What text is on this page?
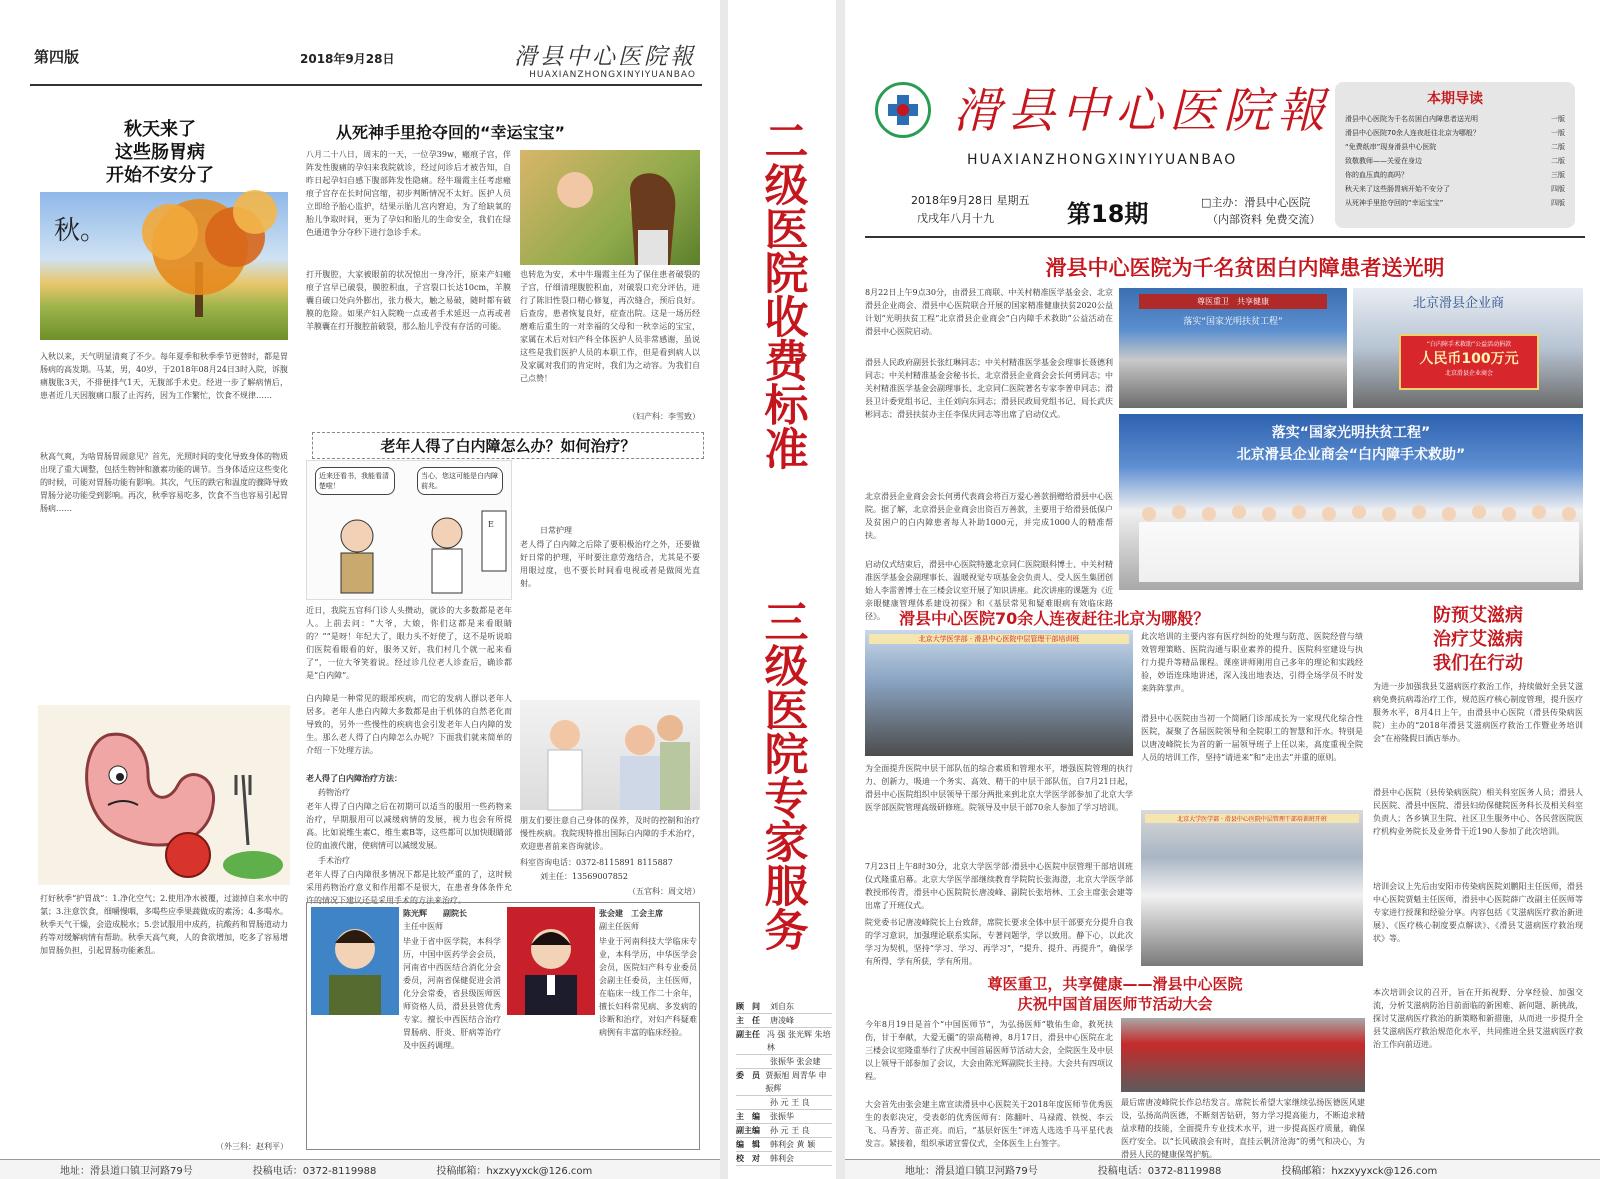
第四版	2018年9月28日	滑县中心医院報
HUAXIANZHONGXINYIYUANBAO
秋天来了
这些肠胃病
开始不安分了
秋。
入秋以来，天气明显清爽了不少。每年夏季和秋季季节更替时，都是胃肠病的高发期。马某，男，40岁，于2018年08月24日3时入院，诉腹痛腹胀3天，不排便排气1天，无腹部手术史。经进一步了解病情后，患者近几天因腹痛口服了止泻药，因为工作繁忙，饮食不规律……
秋高气爽，为啥胃肠胃闹意见？首先，光照时间的变化导致身体的物质出现了重大调整，包括生物钟和激素功能的调节。当身体适应这些变化的时候，可能对胃肠功能有影响。其次，气压的跌宕和温度的骤降导致胃肠分泌功能受到影响。再次，秋季容易吃多，饮食不当也容易引起胃肠病……
打好秋季“护胃战”：1.净化空气；2.使用净水被覆，过滤掉自来水中的氯；3.注意饮食，细嚼慢咽，多喝些应季果蔬做成的素汤；4.多喝水。秋季天气干燥，会造成脱水；5.尝试服用中成药，抗酸药和胃肠道动力药等对缓解病情有帮助。秋季天高气爽，人的食欲增加，吃多了容易增加胃肠负担，引起胃肠功能紊乱。
（外三科：赵利平）
从死神手里抢夺回的“幸运宝宝”
八月二十八日，周末的一天，一位孕39w，瘢痕子宫，伴阵发性腹痛的孕妇来我院就诊，经过问诊后才被告知，自昨日起孕妇自感下腹部阵发性隐痛。经牛瑞霞主任考虑瘢痕子宫存在长时间宫缩，初步判断情况不太好。医护人员立即给予胎心监护，结果示胎儿宫内窘迫，为了给缺氧的胎儿争取时间，更为了孕妇和胎儿的生命安全，我们在绿色通道争分夺秒下进行急诊手术。
打开腹腔，大家被眼前的状况惊出一身冷汗，原来产妇瘢痕子宫早已破裂，膜腔积血，子宫裂口长达10cm，羊膜囊自破口处向外膨出，张力极大，触之易破，随时都有破膜的危险。如果产妇入院晚一点或者手术延迟一点再或者羊膜囊在打开腹腔前破裂，那么胎儿乎没有存活的可能。
也转危为安，术中牛瑞霞主任为了保住患者破裂的子宫，仔细清理腹腔积血，对破裂口充分评估，进行了陈旧性裂口精心修复，再次缝合，预后良好。后查房，患者恢复良好，症查出院。这是一场历经磨难后重生的一对幸福的父母和一秋幸运的宝宝，家属在术后对妇产科全体医护人员非常感谢，虽说这些是我们医护人员的本职工作，但是看到病人以及家属对我们的肯定时，我们为之动容。为我们自己点赞！
（妇产科：李雪致）
老年人得了白内障怎么办？如何治疗？
近来还看书，我能看清楚啦！
当心，您这可能是白内障前兆。
E
近日，我院五官科门诊人头攒动，就诊的大多数都是老年人。上前去问：“大爷，大娘，你们这都是来看眼睛的？”“是呀！年纪大了，眼力头不好使了，这不是听说咱们医院看眼看的好，服务又好，我们村几个就一起来看了”，一位大爷笑着说。经过诊几位老人诊查后，确诊都是“白内障”。
白内障是一种常见的眼部疾病，而它的发病人群以老年人居多。老年人患白内障大多数都是由于机体的自然老化而导致的，另外一些慢性的疾病也会引发老年人白内障的发生。那么老人得了白内障怎么办呢？下面我们就来简单的介绍一下处理方法。
老人得了白内障治疗方法：
药物治疗
老年人得了白内障之后在初期可以适当的服用一些药物来治疗，早期服用可以减缓病情的发展，视力也会有所提高。比如说维生素C、维生素B等，这些都可以加快眼睛部位的血液代谢，使病情可以减缓发展。
手术治疗
老年人得了白内障很多情况下都是比较严重的了，这时候采用药物治疗意义和作用都不是很大，在患者身体条件允许的情况下建议还是采用手术的方法来治疗。
日常护理
老人得了白内障之后除了要积极治疗之外，还要做好日常的护理，平时要注意劳逸结合，尤其是不要用眼过度，也不要长时间看电视或者是做阅光直射。
朋友们要注意自己身体的保养，及时的控制和治疗慢性疾病。我院现特推出国际白内障的手术治疗，欢迎患者前来咨询就诊。
科室咨询电话：0372-8115891 8115887
刘主任：13569007852
（五官科：周文培）
陈光辉　　副院长
主任中医师
毕业于省中医学院，本科学历，中国中医药学会会员，河南省中西医结合消化分会委员，河南省保健促进会消化分会常委，省县级医师医师资格人员，滑县县管优秀专家。擅长中西医结合治疗胃肠病、肝炎、肝病等治疗及中医药调理。
张会建　工会主席
副主任医师
毕业于河南科技大学临床专业，本科学历，中华医学会会员，医院妇产科专业委员会副主任委员，主任医师，在临床一线工作二十余年，擅长妇科常见病、多发病的诊断和治疗，对妇产科疑难病例有丰富的临床经验。
地址：滑县道口镇卫河路79号	投稿电话：0372-8119988	投稿邮箱：hxzxyyxck@126.com
二级医院收费标准
三级医院专家服务
顾　问	刘自东
主　任	唐凌峰
副主任 冯 强 张光辉 朱培林
张振华 张会建
委　员 贾振旭 周青华 申振辉
孙 元 王 良
主　编	张振华
副主编	孙 元 王 良
编　辑	韩利会 黄 颖
校　对	韩利会
滑县中心医院報
HUAXIANZHONGXINYIYUANBAO
2018年9月28日 星期五
戊戌年八月十九	第18期	□主办：滑县中心医院
（内部资料 免费交流）
本期导读
滑县中心医院为千名贫困白内障患者送光明	一版
滑县中心医院70余人连夜赶往北京为哪般？	一版
“免费纸串”现身滑县中心医院	二版
致敬教师——关爱在身边	二版
你的血压真的高吗？	三版
秋天来了这些肠胃病开始不安分了	四版
从死神手里抢夺回的“幸运宝宝”	四版
滑县中心医院为千名贫困白内障患者送光明
8月22日上午9点30分，由滑县工商联、中关村精准医学基金会、北京滑县企业商会、滑县中心医院联合开展的国家精准健康扶贫2020公益计划“光明扶贫工程”北京滑县企业商会“白内障手术救助”公益活动在滑县中心医院启动。
滑县人民政府副县长张红琳同志；中关村精准医学基金会理事长聂德利同志；中关村精准基金会秘书长、北京滑县企业商会会长何勇同志；中关村精准医学基金会副理事长、北京同仁医院著名专家李普申同志；滑县卫计委党组书记、主任刘向东同志；滑县民政局党组书记、局长武庆彬同志；滑县扶贫办主任李保庆同志等出席了启动仪式。
北京滑县企业商会会长何勇代表商会将百万爱心善款捐赠给滑县中心医院。据了解，北京滑县企业商会出资百万善款，主要用于给滑县低保户及贫困户的白内障患者每人补助1000元，并完成1000人的精准帮扶。
启动仪式结束后，滑县中心医院特邀北京同仁医院眼科博士、中关村精准医学基金会副理事长、温暖视觉专项基金会负责人、受人医生集团创始人李雷普博士在三楼会议室开展了知识讲座。此次讲座的课题为《近亲眼健康管理体系建设初探》和《基层常见和疑难眼病有效临床路径》。
尊医重卫　共享健康
落实“国家光明扶贫工程”
北京滑县企业商
“白内障手术救助”公益活动捐款
人民币100万元
北京滑县企业商会
落实“国家光明扶贫工程”
北京滑县企业商会“白内障手术救助”
滑县中心医院70余人连夜赶往北京为哪般？
北京大学医学部 · 滑县中心医院中层管理干部培训班	此次培训的主要内容有医疗纠纷的处理与防范、医院经营与绩效管理策略、医院沟通与职业素养的提升、医院科室建设与执行力提升等精品课程。课座讲师刚用自己多年的理论和实践经验，妙语连珠地讲述，深入浅出地表达，引得全场学员不时发来阵阵掌声。
滑县中心医院由当初一个简陋门诊部成长为一家现代化综合性医院，凝聚了各届医院领导和全院职工的智慧和汗水。特别是以唐凌峰院长为首的新一届领导班子上任以来，高度重视全院人员的培训工作，坚持“请进来”和“走出去”并重的原则。
为全面提升医院中层干部队伍的综合素质和管理水平，增强医院管理的执行力、创新力，吸迪一个务实、高效、精干的中层干部队伍，自7月21日起，滑县中心医院组织中层领导干部分两批来到北京大学医学部参加了北京大学医学部医院管理高级研修班。院领导及中层干部70余人参加了学习培训。
7月23日上午8时30分，北京大学医学部·滑县中心医院中层管理干部培训班仪式隆重启幕。北京大学医学部继续教育学院院长张海澄，北京大学医学部教授邢传青，滑县中心医院院长唐凌峰、副院长张培林、工会主席张会建等出席了开班仪式。
院党委书记唐凌峰院长上台致辞，席院长要求全体中层干部要充分提升自我的学习意识，加强理论联系实际，专著问题学，学以致用。静下心，以此次学习为契机，坚持“学习、学习、再学习”，“提升、提升、再提升”，确保学有所得、学有所获，学有所用。
北京大学医学部 · 滑县中心医院中层管理干部培训班开班
防预艾滋病
治疗艾滋病
我们在行动
为进一步加强我县艾滋病医疗救治工作，持续做好全县艾滋病免费抗病毒治疗工作，规范医疗核心制度管理，提升医疗服务水平，8月4日上午，由滑县中心医院（滑县传染病医院）主办的“2018年滑县艾滋病医疗救治工作暨业务培训会”在裕隆假日酒店举办。
滑县中心医院（县传染病医院）相关科室医务人员；滑县人民医院、滑县中医院、滑县妇幼保健院医务科长及相关科室负责人；各乡镇卫生院、社区卫生服务中心、各民营医院医疗机构业务院长及业务骨干近190人参加了此次培训。
培训会议上先后由安阳市传染病医院刘鹏阳主任医师，滑县中心医院贾魁主任医师，滑县中心医院薛广改副主任医师等专家进行授课和经验分享。内容包括《艾滋病医疗救治新进展》、《医疗核心制度要点解读》、《滑县艾滋病医疗救治现状》等。
本次培训会议的召开，旨在开拓视野、分享经验、加强交流，分析艾滋病防治目前面临的新困难、新问题、新挑战，探讨艾滋病医疗救治的新策略和新措施，从而进一步提升全县艾滋病医疗救治规范化水平，共同推进全县艾滋病医疗救治工作向前迈进。
尊医重卫，共享健康——滑县中心医院
庆祝中国首届医师节活动大会
今年8月19日是首个“中国医师节”，为弘扬医师“敬佑生命，救死扶伤，甘于奉献，大爱无疆”的崇高精神，8月17日，滑县中心医院在北三楼会议室隆重举行了庆祝中国首届医师节活动大会，全院医生及中层以上领导干部参加了会议，大会由陈光辉副院长主持。大会共有四项议程。
大会首先由张会建主席宣读滑县中心医院关于2018年度医师节优秀医生的表彰决定，受表彰的优秀医师有：陈翻叶、马禄霞、铁悦、李云飞、马香芳、苗正亮。而后，“基层好医生”评选人选选手马平星代表发言。紧接着，组织承诺宣誓仪式，全体医生上台签字。
最后席唐凌峰院长作总结发言。席院长希望大家继续弘扬医德医风建设，弘扬高尚医德，不断刻苦钻研，努力学习提高能力，不断追求精益求精的技能，全面提升专业技术水平，进一步提高医疗质量，确保医疗安全。以“长风破浪会有时，直挂云帆济沧海”的勇气和决心，为滑县人民的健康保驾护航。
地址：滑县道口镇卫河路79号	投稿电话：0372-8119988	投稿邮箱：hxzxyyxck@126.com
